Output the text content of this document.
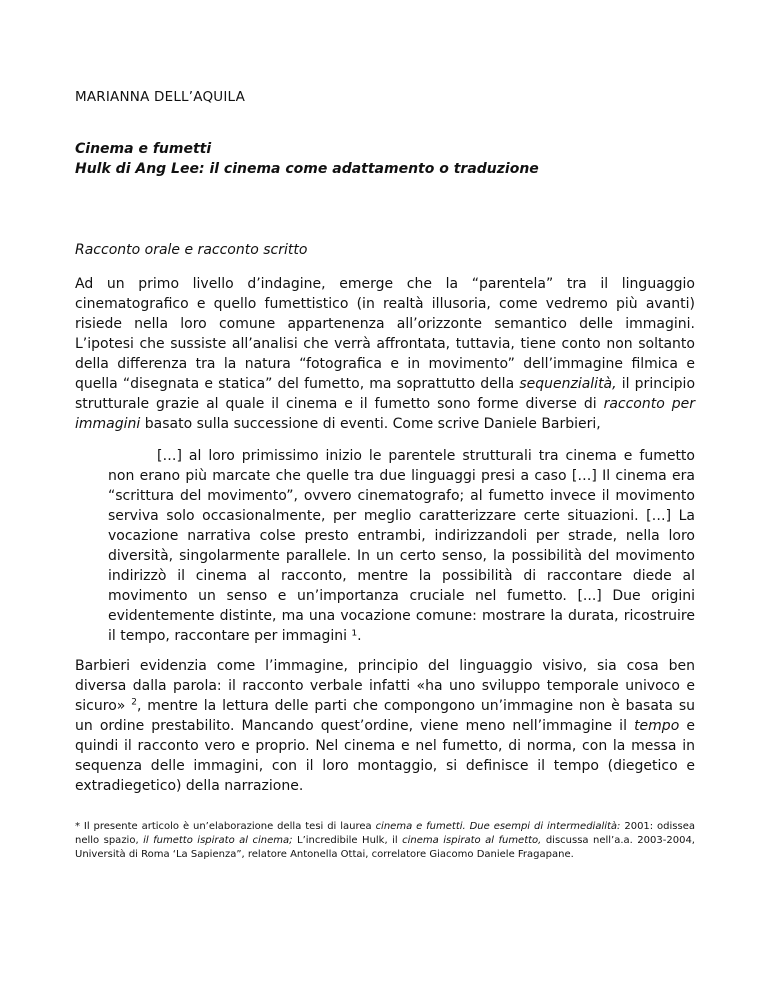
MARIANNA DELL’AQUILA
Cinema e fumetti
Hulk di Ang Lee: il cinema come adattamento o traduzione
Racconto orale e racconto scritto

Ad un primo livello d’indagine, emerge che la “parentela” tra il linguaggio cinematografico e quello fumettistico (in realtà illusoria, come vedremo più avanti) risiede nella loro comune appartenenza all’orizzonte semantico delle immagini. L’ipotesi che sussiste all’analisi che verrà affrontata, tuttavia, tiene conto non soltanto della differenza tra la natura “fotografica e in movimento” dell’immagine filmica e quella “disegnata e statica” del fumetto, ma soprattutto della sequenzialità, il principio strutturale grazie al quale il cinema e il fumetto sono forme diverse di racconto per immagini basato sulla successione di eventi. Come scrive Daniele Barbieri,

[…] al loro primissimo inizio le parentele strutturali tra cinema e fumetto non erano più marcate che quelle tra due linguaggi presi a caso […] Il cinema era “scrittura del movimento”, ovvero cinematografo; al fumetto invece il movimento serviva solo occasionalmente, per meglio caratterizzare certe situazioni. […] La vocazione narrativa colse presto entrambi, indirizzandoli per strade, nella loro diversità, singolarmente parallele. In un certo senso, la possibilità del movimento indirizzò il cinema al racconto, mentre la possibilità di raccontare diede al movimento un senso e un’importanza cruciale nel fumetto. [...] Due origini evidentemente distinte, ma una vocazione comune: mostrare la durata, ricostruire il tempo, raccontare per immagini ¹.

Barbieri evidenzia come l’immagine, principio del linguaggio visivo, sia cosa ben diversa dalla parola: il racconto verbale infatti «ha uno sviluppo temporale univoco e sicuro» $^2$, mentre la lettura delle parti che compongono un’immagine non è basata su un ordine prestabilito. Mancando quest’ordine, viene meno nell’immagine il tempo e quindi il racconto vero e proprio. Nel cinema e nel fumetto, di norma, con la messa in sequenza delle immagini, con il loro montaggio, si definisce il tempo (diegetico e extradiegetico) della narrazione.

* Il presente articolo è un’elaborazione della tesi di laurea cinema e fumetti. Due esempi di intermedialità: 2001: odissea nello spazio, il fumetto ispirato al cinema; L’incredibile Hulk, il cinema ispirato al fumetto, discussa nell’a.a. 2003-2004, Università di Roma ‘La Sapienza”, relatore Antonella Ottai, correlatore Giacomo Daniele Fragapane.
